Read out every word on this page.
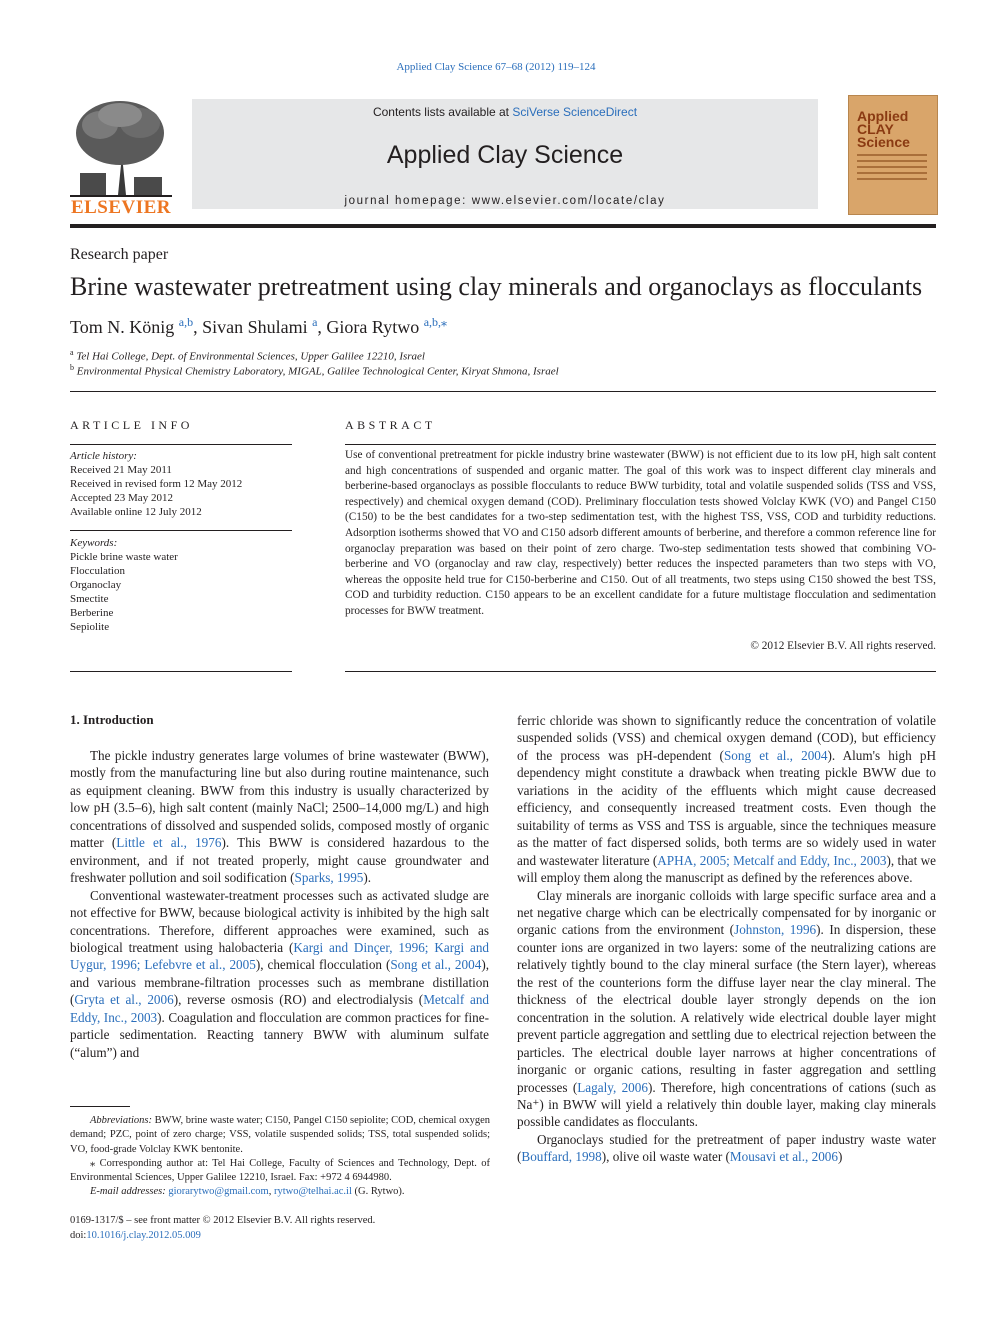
Applied Clay Science 67–68 (2012) 119–124
ELSEVIER
Contents lists available at SciVerse ScienceDirect
Applied Clay Science
journal homepage: www.elsevier.com/locate/clay
Applied CLAY Science
Research paper
Brine wastewater pretreatment using clay minerals and organoclays as flocculants
Tom N. König $^{a,b}$, Sivan Shulami $^a$, Giora Rytwo $^{a,b,⁎}$
$^a$ Tel Hai College, Dept. of Environmental Sciences, Upper Galilee 12210, Israel
$^b$ Environmental Physical Chemistry Laboratory, MIGAL, Galilee Technological Center, Kiryat Shmona, Israel
ARTICLE INFO
Article history:
Received 21 May 2011
Received in revised form 12 May 2012
Accepted 23 May 2012
Available online 12 July 2012
Keywords:
Pickle brine waste water
Flocculation
Organoclay
Smectite
Berberine
Sepiolite
ABSTRACT
Use of conventional pretreatment for pickle industry brine wastewater (BWW) is not efficient due to its low pH, high salt content and high concentrations of suspended and organic matter. The goal of this work was to inspect different clay minerals and berberine-based organoclays as possible flocculants to reduce BWW turbidity, total and volatile suspended solids (TSS and VSS, respectively) and chemical oxygen demand (COD). Preliminary flocculation tests showed Volclay KWK (VO) and Pangel C150 (C150) to be the best candidates for a two-step sedimentation test, with the highest TSS, VSS, COD and turbidity reductions. Adsorption isotherms showed that VO and C150 adsorb different amounts of berberine, and therefore a common reference line for organoclay preparation was based on their point of zero charge. Two-step sedimentation tests showed that combining VO-berberine and VO (organoclay and raw clay, respectively) better reduces the inspected parameters than two steps with VO, whereas the opposite held true for C150-berberine and C150. Out of all treatments, two steps using C150 showed the best TSS, COD and turbidity reduction. C150 appears to be an excellent candidate for a future multistage flocculation and sedimentation processes for BWW treatment.
© 2012 Elsevier B.V. All rights reserved.
1. Introduction

The pickle industry generates large volumes of brine wastewater (BWW), mostly from the manufacturing line but also during routine maintenance, such as equipment cleaning. BWW from this industry is usually characterized by low pH (3.5–6), high salt content (mainly NaCl; 2500–14,000 mg/L) and high concentrations of dissolved and suspended solids, composed mostly of organic matter (Little et al., 1976). This BWW is considered hazardous to the environment, and if not treated properly, might cause groundwater and freshwater pollution and soil sodification (Sparks, 1995).

Conventional wastewater-treatment processes such as activated sludge are not effective for BWW, because biological activity is inhibited by the high salt concentrations. Therefore, different approaches were examined, such as biological treatment using halobacteria (Kargi and Dinçer, 1996; Kargi and Uygur, 1996; Lefebvre et al., 2005), chemical flocculation (Song et al., 2004), and various membrane-filtration processes such as membrane distillation (Gryta et al., 2006), reverse osmosis (RO) and electrodialysis (Metcalf and Eddy, Inc., 2003). Coagulation and flocculation are common practices for fine-particle sedimentation. Reacting tannery BWW with aluminum sulfate (“alum”) and

ferric chloride was shown to significantly reduce the concentration of volatile suspended solids (VSS) and chemical oxygen demand (COD), but efficiency of the process was pH-dependent (Song et al., 2004). Alum's high pH dependency might constitute a drawback when treating pickle BWW due to variations in the acidity of the effluents which might cause decreased efficiency, and consequently increased treatment costs. Even though the suitability of terms as VSS and TSS is arguable, since the techniques measure as the matter of fact dispersed solids, both terms are so widely used in water and wastewater literature (APHA, 2005; Metcalf and Eddy, Inc., 2003), that we will employ them along the manuscript as defined by the references above.

Clay minerals are inorganic colloids with large specific surface area and a net negative charge which can be electrically compensated for by inorganic or organic cations from the environment (Johnston, 1996). In dispersion, these counter ions are organized in two layers: some of the neutralizing cations are relatively tightly bound to the clay mineral surface (the Stern layer), whereas the rest of the counterions form the diffuse layer near the clay mineral. The thickness of the electrical double layer strongly depends on the ion concentration in the solution. A relatively wide electrical double layer might prevent particle aggregation and settling due to electrical rejection between the particles. The electrical double layer narrows at higher concentrations of inorganic or organic cations, resulting in faster aggregation and settling processes (Lagaly, 2006). Therefore, high concentrations of cations (such as Na⁺) in BWW will yield a relatively thin double layer, making clay minerals possible candidates as flocculants.

Organoclays studied for the pretreatment of paper industry waste water (Bouffard, 1998), olive oil waste water (Mousavi et al., 2006)

Abbreviations: BWW, brine waste water; C150, Pangel C150 sepiolite; COD, chemical oxygen demand; PZC, point of zero charge; VSS, volatile suspended solids; TSS, total suspended solids; VO, food-grade Volclay KWK bentonite.

⁎ Corresponding author at: Tel Hai College, Faculty of Sciences and Technology, Dept. of Environmental Sciences, Upper Galilee 12210, Israel. Fax: +972 4 6944980.

E-mail addresses: giorarytwo@gmail.com, rytwo@telhai.ac.il (G. Rytwo).

0169-1317/$ – see front matter © 2012 Elsevier B.V. All rights reserved.
doi:10.1016/j.clay.2012.05.009
